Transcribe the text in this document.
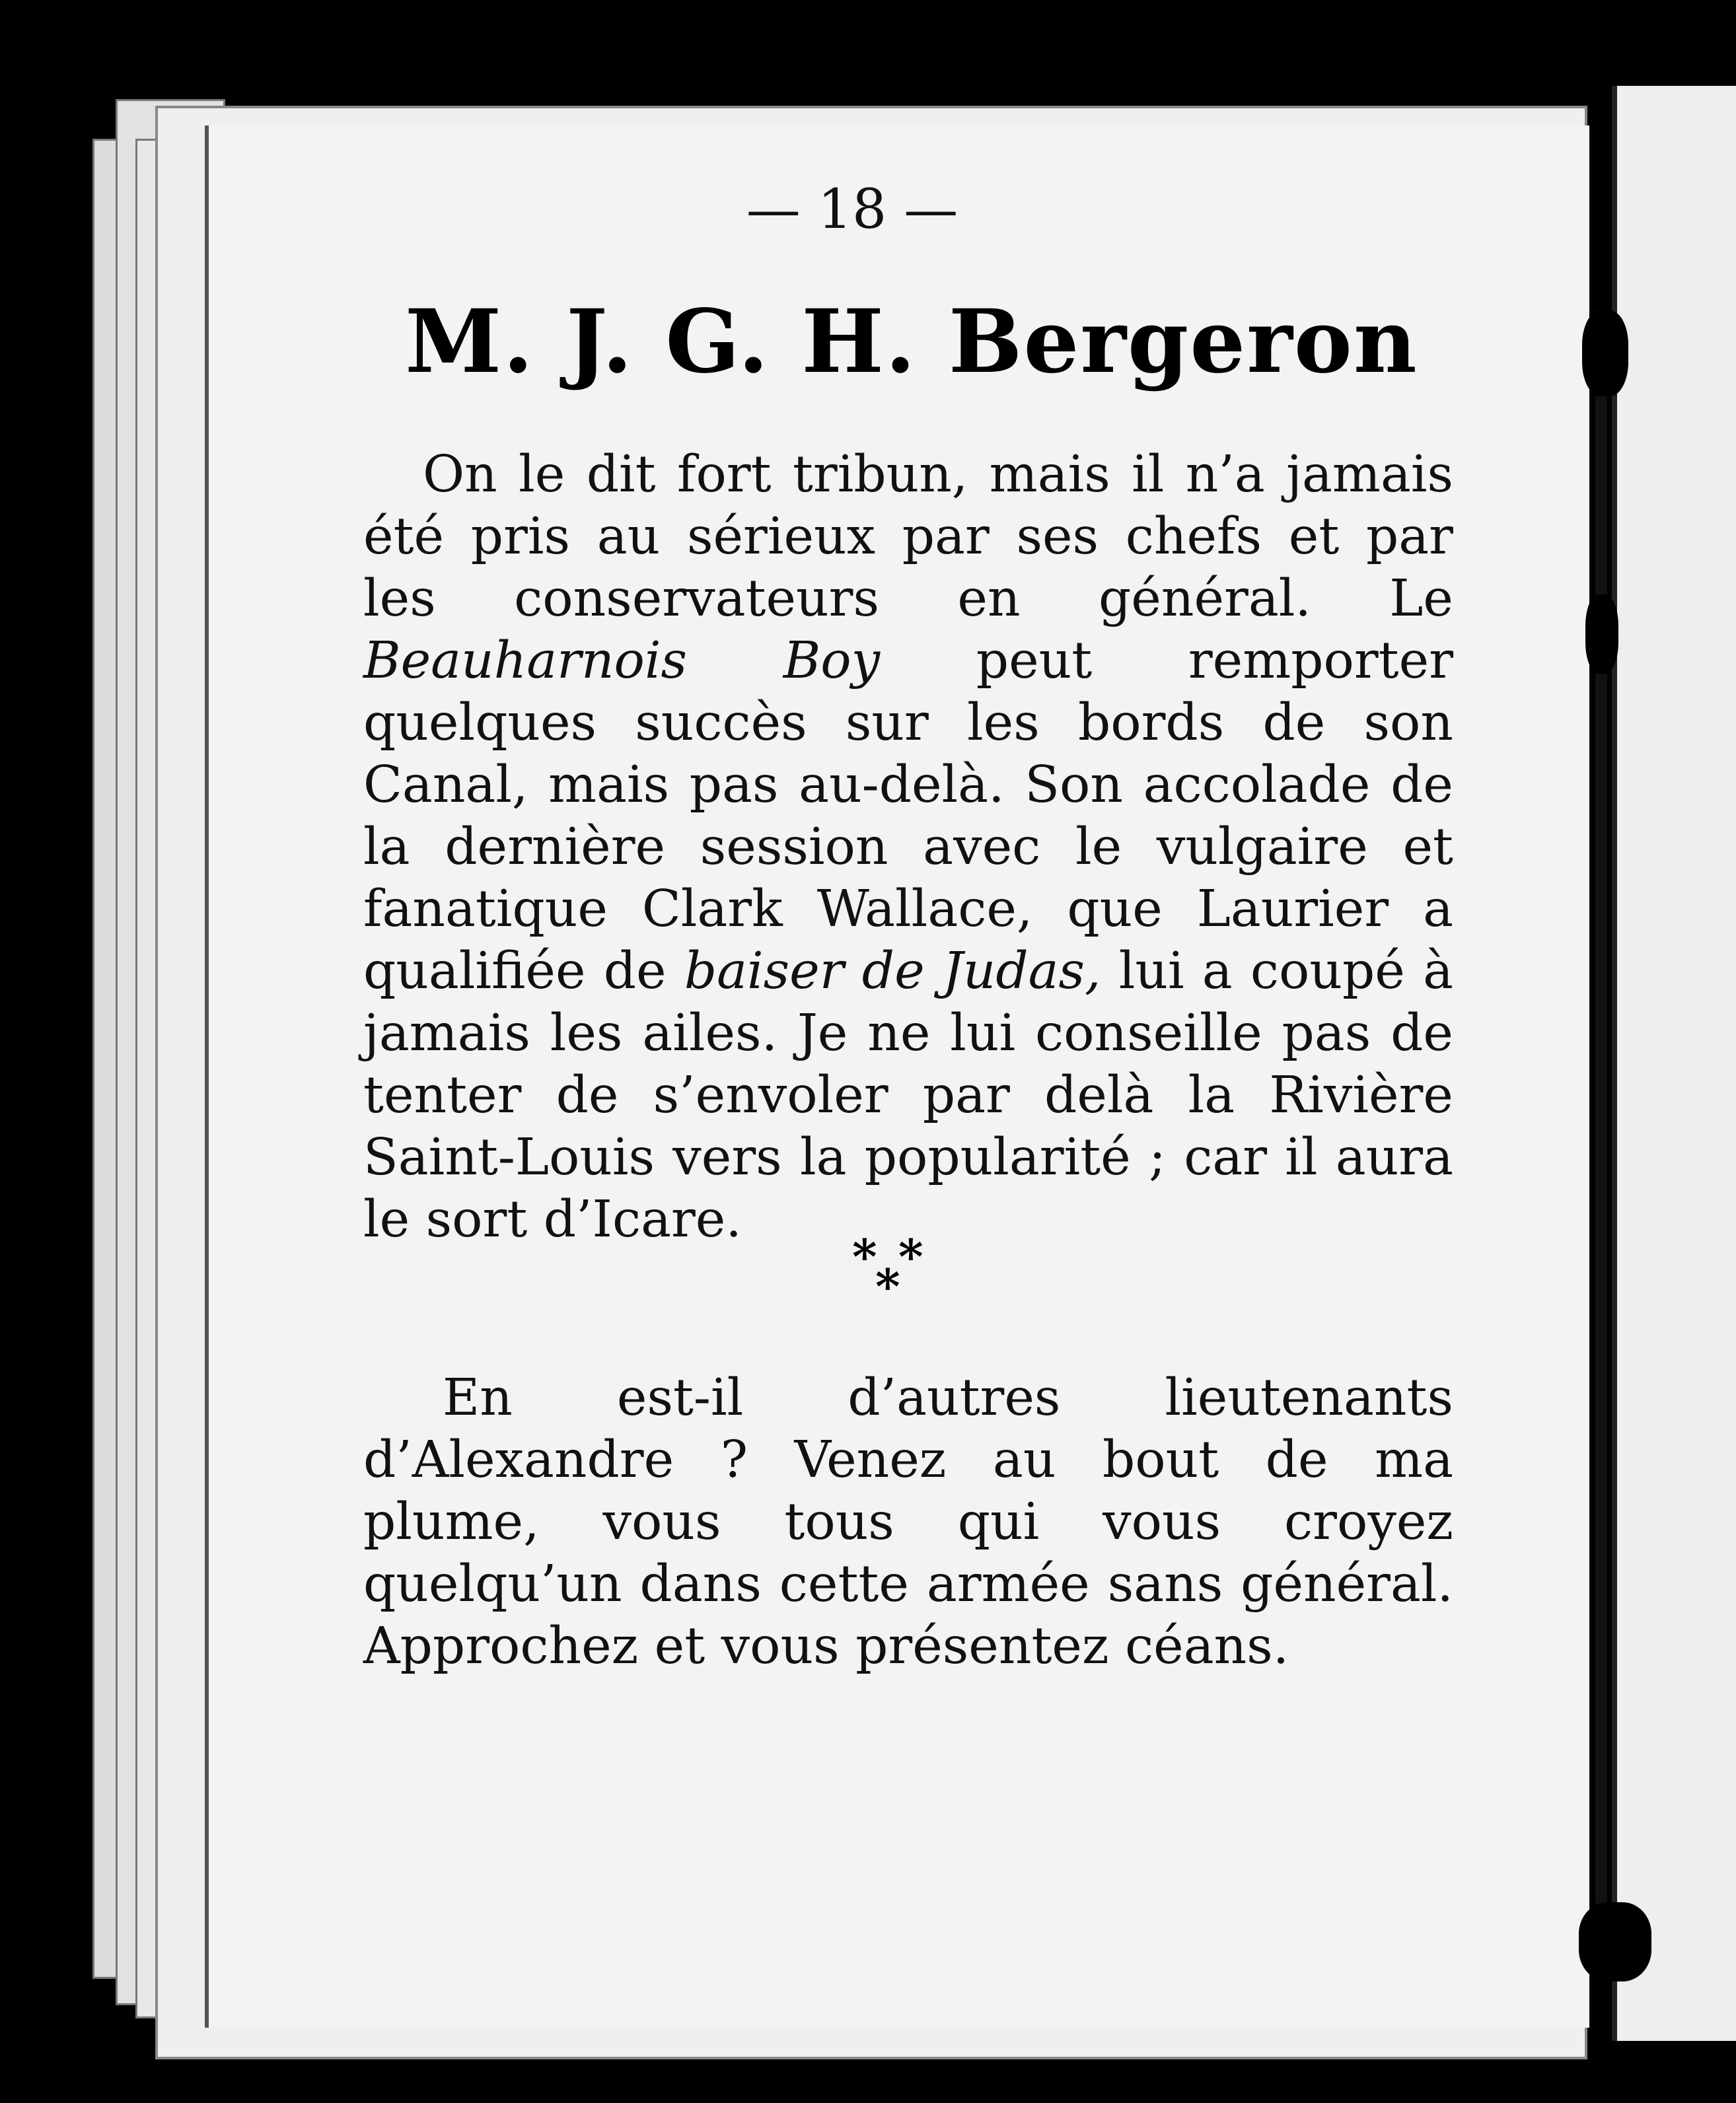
— 18 —
M. J. G. H. Bergeron
On le dit fort tribun, mais il n’a jamais été pris au sérieux par ses chefs et par les conservateurs en général. Le Beauharnois Boy peut remporter quelques succès sur les bords de son Canal, mais pas au-delà. Son accolade de la dernière session avec le vulgaire et fanatique Clark Wallace, que Laurier a qualifiée de baiser de Judas, lui a coupé à jamais les ailes. Je ne lui conseille pas de tenter de s’envoler par delà la Rivière Saint-Louis vers la popularité ; car il aura le sort d’Icare.
* *
*
En est-il d’autres lieutenants d’Alexandre ? Venez au bout de ma plume, vous tous qui vous croyez quelqu’un dans cette armée sans général. Approchez et vous présentez céans.
